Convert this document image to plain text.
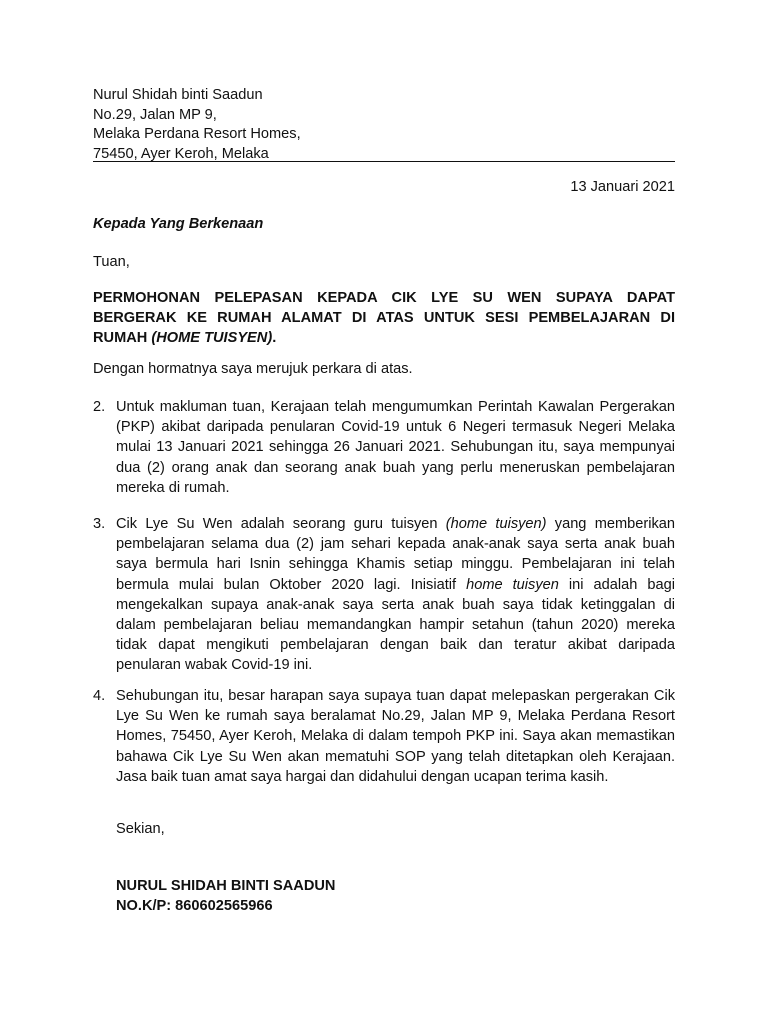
Nurul Shidah binti Saadun
No.29, Jalan MP 9,
Melaka Perdana Resort Homes,
75450, Ayer Keroh, Melaka
13 Januari 2021
Kepada Yang Berkenaan
Tuan,
PERMOHONAN PELEPASAN KEPADA CIK LYE SU WEN SUPAYA DAPAT BERGERAK KE RUMAH ALAMAT DI ATAS UNTUK SESI PEMBELAJARAN DI RUMAH (HOME TUISYEN).
Dengan hormatnya saya merujuk perkara di atas.
2. Untuk makluman tuan, Kerajaan telah mengumumkan Perintah Kawalan Pergerakan (PKP) akibat daripada penularan Covid-19 untuk 6 Negeri termasuk Negeri Melaka mulai 13 Januari 2021 sehingga 26 Januari 2021. Sehubungan itu, saya mempunyai dua (2) orang anak dan seorang anak buah yang perlu meneruskan pembelajaran mereka di rumah.
3. Cik Lye Su Wen adalah seorang guru tuisyen (home tuisyen) yang memberikan pembelajaran selama dua (2) jam sehari kepada anak-anak saya serta anak buah saya bermula hari Isnin sehingga Khamis setiap minggu. Pembelajaran ini telah bermula mulai bulan Oktober 2020 lagi. Inisiatif home tuisyen ini adalah bagi mengekalkan supaya anak-anak saya serta anak buah saya tidak ketinggalan di dalam pembelajaran beliau memandangkan hampir setahun (tahun 2020) mereka tidak dapat mengikuti pembelajaran dengan baik dan teratur akibat daripada penularan wabak Covid-19 ini.
4. Sehubungan itu, besar harapan saya supaya tuan dapat melepaskan pergerakan Cik Lye Su Wen ke rumah saya beralamat No.29, Jalan MP 9, Melaka Perdana Resort Homes, 75450, Ayer Keroh, Melaka di dalam tempoh PKP ini. Saya akan memastikan bahawa Cik Lye Su Wen akan mematuhi SOP yang telah ditetapkan oleh Kerajaan. Jasa baik tuan amat saya hargai dan didahului dengan ucapan terima kasih.
Sekian,
NURUL SHIDAH BINTI SAADUN
NO.K/P: 860602565966
